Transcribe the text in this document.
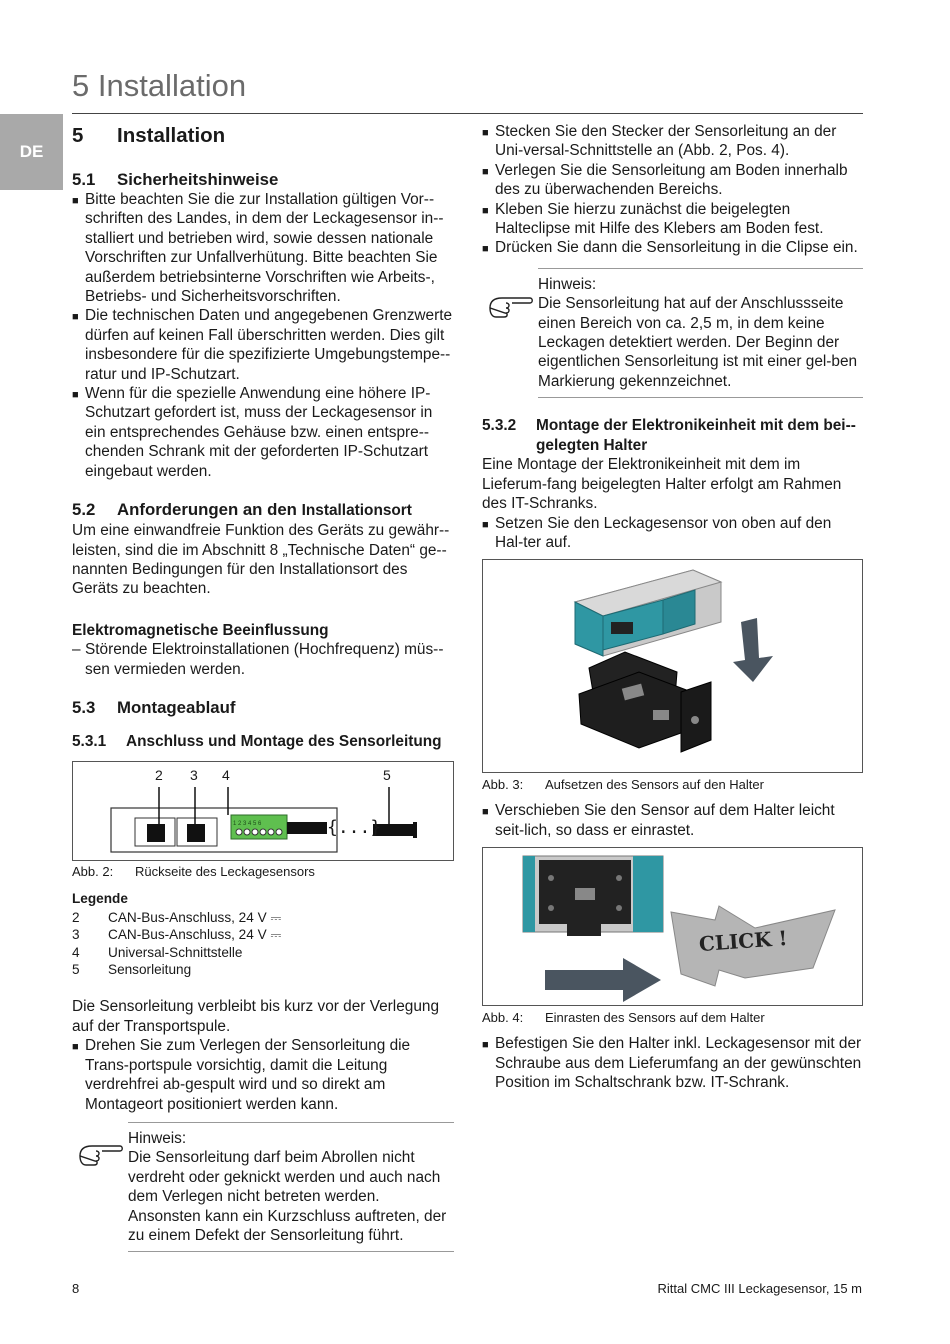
5 Installation
DE
5	Installation
5.1	Sicherheitshinweise
■ Bitte beachten Sie die zur Installation gültigen Vor-schriften des Landes, in dem der Leckagesensor in-stalliert und betrieben wird, sowie dessen nationale Vorschriften zur Unfallverhütung. Bitte beachten Sie außerdem betriebsinterne Vorschriften wie Arbeits-, Betriebs- und Sicherheitsvorschriften.
■ Die technischen Daten und angegebenen Grenzwerte dürfen auf keinen Fall überschritten werden. Dies gilt insbesondere für die spezifizierte Umgebungstempe-ratur und IP-Schutzart.
■ Wenn für die spezielle Anwendung eine höhere IP-Schutzart gefordert ist, muss der Leckagesensor in ein entsprechendes Gehäuse bzw. einen entspre-chenden Schrank mit der geforderten IP-Schutzart eingebaut werden.
5.2	Anforderungen an den Installationsort

Um eine einwandfreie Funktion des Geräts zu gewähr-leisten, sind die im Abschnitt 8 „Technische Daten“ ge-nannten Bedingungen für den Installationsort des Geräts zu beachten.

Elektromagnetische Beeinflussung
– Störende Elektroinstallationen (Hochfrequenz) müs-sen vermieden werden.
5.3	Montageablauf
5.3.1	Anschluss und Montage des Sensorleitung
2 3 4	5
1 2 3 4 5 6	{...}
Abb. 2:	Rückseite des Leckagesensors
Legende
2	CAN-Bus-Anschluss, 24 V ⎓
3	CAN-Bus-Anschluss, 24 V ⎓
4	Universal-Schnittstelle
5	Sensorleitung

Die Sensorleitung verbleibt bis kurz vor der Verlegung auf der Transportspule.

■ Drehen Sie zum Verlegen der Sensorleitung die Trans-portspule vorsichtig, damit die Leitung verdrehfrei ab-gespult wird und so direkt am Montageort positioniert werden kann.
Hinweis:
Die Sensorleitung darf beim Abrollen nicht verdreht oder geknickt werden und auch nach dem Verlegen nicht betreten werden. Ansonsten kann ein Kurzschluss auftreten, der zu einem Defekt der Sensorleitung führt.
■ Stecken Sie den Stecker der Sensorleitung an der Uni-versal-Schnittstelle an (Abb. 2, Pos. 4).
■ Verlegen Sie die Sensorleitung am Boden innerhalb des zu überwachenden Bereichs.
■ Kleben Sie hierzu zunächst die beigelegten Halteclipse mit Hilfe des Klebers am Boden fest.
■ Drücken Sie dann die Sensorleitung in die Clipse ein.
Hinweis:
Die Sensorleitung hat auf der Anschlussseite einen Bereich von ca. 2,5 m, in dem keine Leckagen detektiert werden. Der Beginn der eigentlichen Sensorleitung ist mit einer gel-ben Markierung gekennzeichnet.
5.3.2	Montage der Elektronikeinheit mit dem bei-gelegten Halter

Eine Montage der Elektronikeinheit mit dem im Lieferum-fang beigelegten Halter erfolgt am Rahmen des IT-Schranks.

■ Setzen Sie den Leckagesensor von oben auf den Hal-ter auf.
Abb. 3:	Aufsetzen des Sensors auf den Halter
■ Verschieben Sie den Sensor auf dem Halter leicht seit-lich, so dass er einrastet.
CLICK !
Abb. 4:	Einrasten des Sensors auf dem Halter
■ Befestigen Sie den Halter inkl. Leckagesensor mit der Schraube aus dem Lieferumfang an der gewünschten Position im Schaltschrank bzw. IT-Schrank.
8	Rittal CMC III Leckagesensor, 15 m
